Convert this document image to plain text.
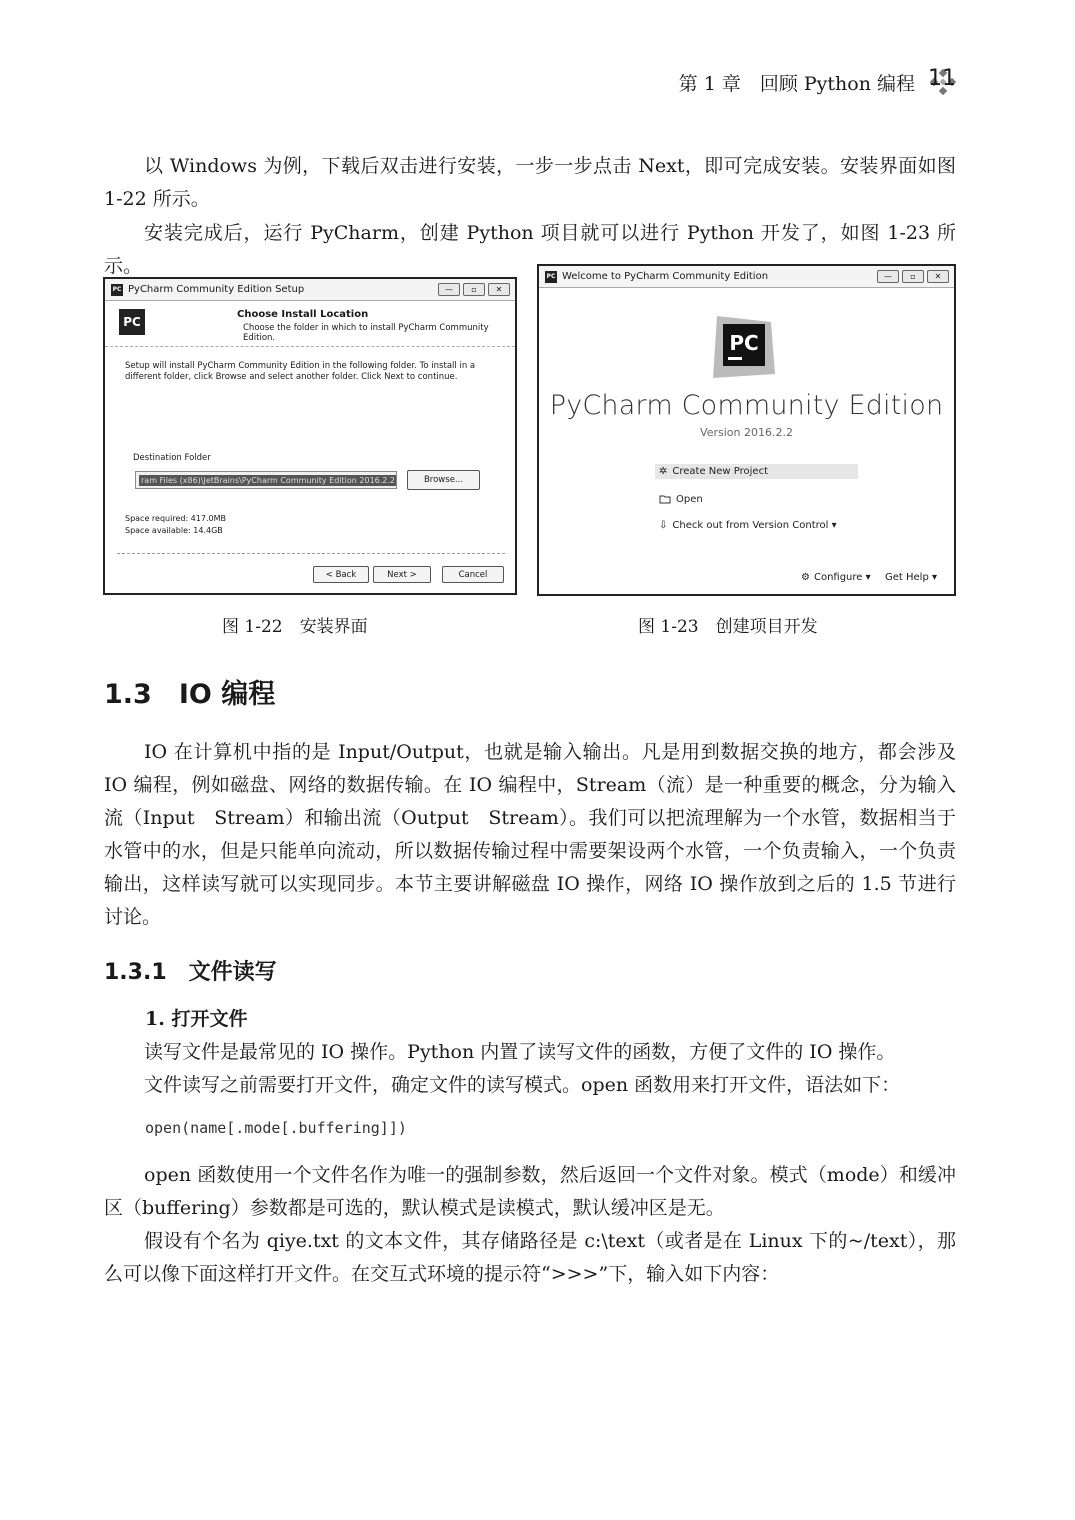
第 1 章　回顾 Python 编程 11

以 Windows 为例，下载后双击进行安装，一步一步点击 Next，即可完成安装。安装界面如图 1-22 所示。

安装完成后，运行 PyCharm，创建 Python 项目就可以进行 Python 开发了，如图 1-23 所示。

PC PyCharm Community Edition Setup	—	▫	✕
PC
Choose Install Location
Choose the folder in which to install PyCharm Community Edition.
Setup will install PyCharm Community Edition in the following folder. To install in a different folder, click Browse and select another folder. Click Next to continue.
Destination Folder
ram Files (x86)\JetBrains\PyCharm Community Edition 2016.2.2	Browse...
Space required: 417.0MB
Space available: 14.4GB
< Back	Next >	Cancel
图 1-22　安装界面
PC Welcome to PyCharm Community Edition	—	▫	✕
PC
PyCharm Community Edition
Version 2016.2.2
✲ Create New Project
Open
⇩ Check out from Version Control ▾
⚙ Configure ▾ Get Help ▾
图 1-23　创建项目开发
1.3　IO 编程

IO 在计算机中指的是 Input/Output，也就是输入输出。凡是用到数据交换的地方，都会涉及 IO 编程，例如磁盘、网络的数据传输。在 IO 编程中，Stream（流）是一种重要的概念，分为输入流（Input　Stream）和输出流（Output　Stream）。我们可以把流理解为一个水管，数据相当于水管中的水，但是只能单向流动，所以数据传输过程中需要架设两个水管，一个负责输入，一个负责输出，这样读写就可以实现同步。本节主要讲解磁盘 IO 操作，网络 IO 操作放到之后的 1.5 节进行讨论。

1.3.1　文件读写
1. 打开文件

读写文件是最常见的 IO 操作。Python 内置了读写文件的函数，方便了文件的 IO 操作。

文件读写之前需要打开文件，确定文件的读写模式。open 函数用来打开文件，语法如下：

open(name[.mode[.buffering]])

open 函数使用一个文件名作为唯一的强制参数，然后返回一个文件对象。模式（mode）和缓冲区（buffering）参数都是可选的，默认模式是读模式，默认缓冲区是无。

假设有个名为 qiye.txt 的文本文件，其存储路径是 c:\text（或者是在 Linux 下的~/text），那么可以像下面这样打开文件。在交互式环境的提示符“>>>”下，输入如下内容：
